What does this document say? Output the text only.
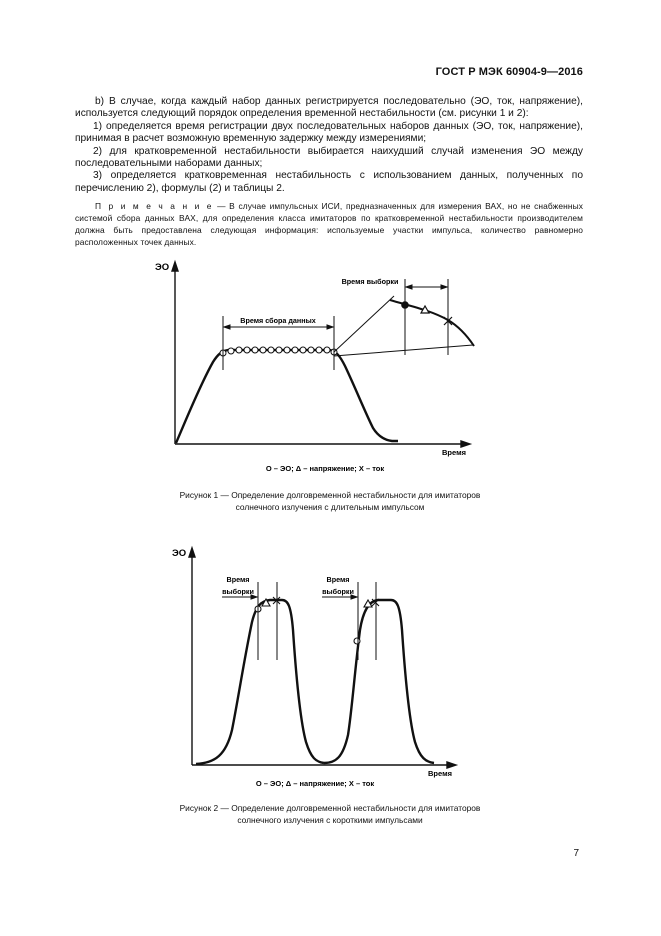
ГОСТ Р МЭК 60904-9—2016

b) В случае, когда каждый набор данных регистрируется последовательно (ЭО, ток, напряжение), используется следующий порядок определения временной нестабильности (см. рисунки 1 и 2):

1) определяется время регистрации двух последовательных наборов данных (ЭО, ток, напряжение), принимая в расчет возможную временную задержку между измерениями;

2) для кратковременной нестабильности выбирается наихудший случай изменения ЭО между последовательными наборами данных;

3) определяется кратковременная нестабильность с использованием данных, полученных по перечислению 2), формулы (2) и таблицы 2.

П р и м е ч а н и е — В случае импульсных ИСИ, предназначенных для измерения ВАХ, но не снабженных системой сбора данных ВАХ, для определения класса имитаторов по кратковременной нестабильности производителем должна быть предоставлена следующая информация: используемые участки импульса, количество равномерно расположенных точек данных.
ЭО
Время
Время сбора данных
Время выборки
О – ЭО; Δ – напряжение; Х – ток
Рисунок 1 — Определение долговременной нестабильности для имитаторов
солнечного излучения с длительным импульсом
ЭО
Время
Время
выборки
Время
выборки
О – ЭО; Δ – напряжение; Х – ток
Рисунок 2 — Определение долговременной нестабильности для имитаторов
солнечного излучения с короткими импульсами
7
